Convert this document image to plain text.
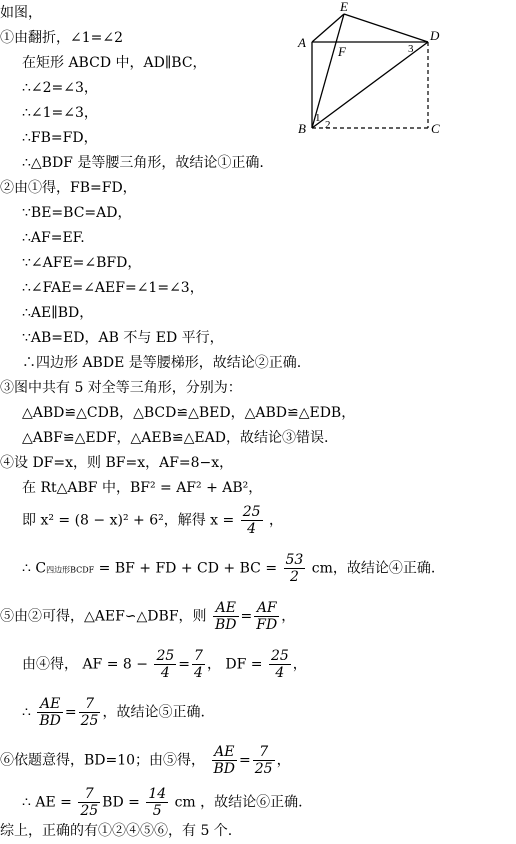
E
A
F
D
3
B
1
2	C
如图，
①由翻折，∠1=∠2
在矩形 ABCD 中，AD∥BC，
∴∠2=∠3，
∴∠1=∠3，
∴FB=FD，
∴△BDF 是等腰三角形，故结论①正确.
②由①得，FB=FD，
∵BE=BC=AD，
∴AF=EF.
∵∠AFE=∠BFD，
∴∠FAE=∠AEF=∠1=∠3，
∴AE∥BD，
∵AB=ED，AB 不与 ED 平行，
∴四边形 ABDE 是等腰梯形，故结论②正确.
③图中共有 5 对全等三角形，分别为：
△ABD≌△CDB，△BCD≌△BED，△ABD≌△EDB，
△ABF≌△EDF，△AEB≌△EAD，故结论③错误.
④设 DF=x，则 BF=x，AF=8−x，
在 Rt△ABF 中，BF² = AF² + AB²，
即 x² = (8 − x)² + 6²，解得 $x = \frac{25}{4}$ ，
∴ C四边形BCDF = BF + FD + CD + BC = $\frac{53}{2}$ cm，故结论④正确.
⑤由②可得，△AEF∽△DBF，则 $\frac{AE}{BD} = \frac{AF}{FD}$ ，
由④得， AF = $8 - \frac{25}{4} = \frac{7}{4}$ ， DF = $\frac{25}{4}$ ，
∴ $\frac{AE}{BD} = \frac{7}{25}$ ，故结论⑤正确.
⑥依题意得，BD=10；由⑤得， $\frac{AE}{BD} = \frac{7}{25}$ ，
∴ AE = $\frac{7}{25}$ BD = $\frac{14}{5}$ cm ，故结论⑥正确.
综上，正确的有①②④⑤⑥，有 5 个.
